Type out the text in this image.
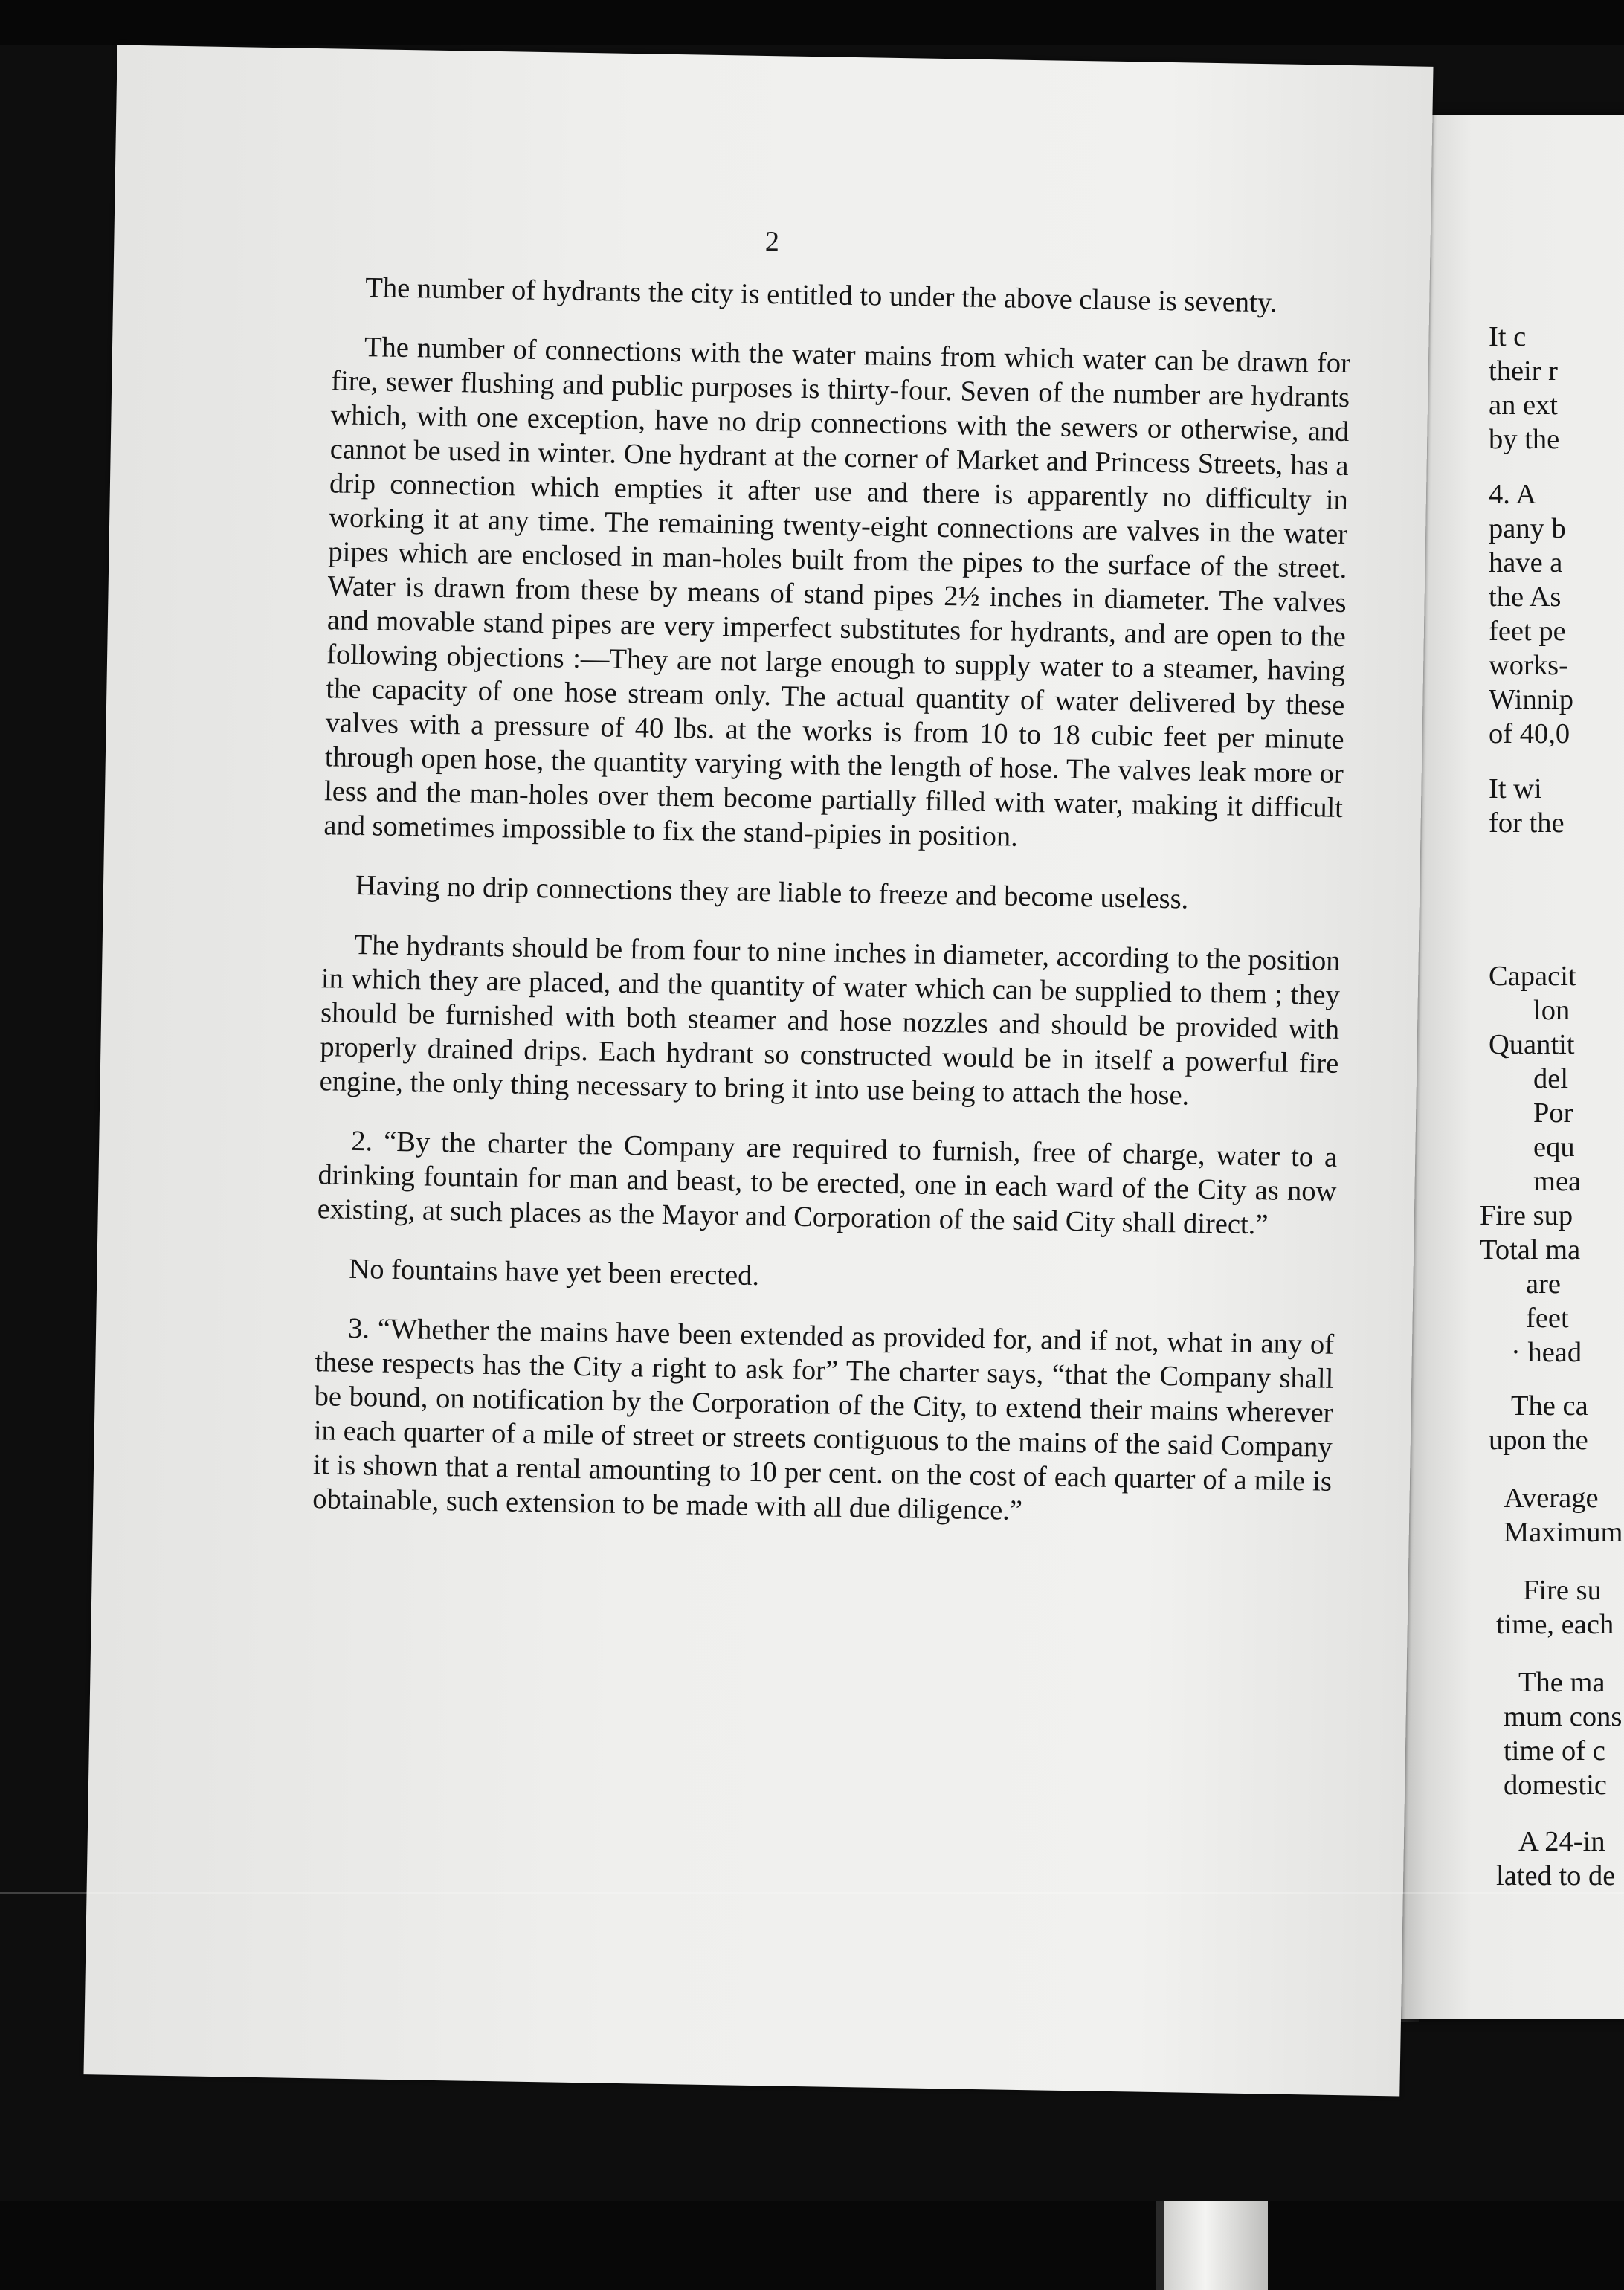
2

The number of hydrants the city is entitled to under the above clause is seventy.

The number of connections with the water mains from which water can be drawn for fire, sewer flushing and public purposes is thirty-four. Seven of the number are hydrants which, with one exception, have no drip connections with the sewers or otherwise, and cannot be used in winter. One hydrant at the corner of Market and Princess Streets, has a drip connection which empties it after use and there is apparently no difficulty in working it at any time. The remaining twenty-eight connections are valves in the water pipes which are enclosed in man-holes built from the pipes to the surface of the street. Water is drawn from these by means of stand pipes 2½ inches in diameter. The valves and movable stand pipes are very imperfect substitutes for hydrants, and are open to the following objections :—They are not large enough to supply water to a steamer, having the capacity of one hose stream only. The actual quantity of water delivered by these valves with a pressure of 40 lbs. at the works is from 10 to 18 cubic feet per minute through open hose, the quantity varying with the length of hose. The valves leak more or less and the man-holes over them become partially filled with water, making it difficult and sometimes impossible to fix the stand-pipies in position.

Having no drip connections they are liable to freeze and become useless.

The hydrants should be from four to nine inches in diameter, according to the position in which they are placed, and the quantity of water which can be supplied to them ; they should be furnished with both steamer and hose nozzles and should be provided with properly drained drips. Each hydrant so constructed would be in itself a powerful fire engine, the only thing necessary to bring it into use being to attach the hose.

2. “By the charter the Company are required to furnish, free of charge, water to a drinking fountain for man and beast, to be erected, one in each ward of the City as now existing, at such places as the Mayor and Corporation of the said City shall direct.”

No fountains have yet been erected.

3. “Whether the mains have been extended as provided for, and if not, what in any of these respects has the City a right to ask for” The charter says, “that the Company shall be bound, on notification by the Corporation of the City, to extend their mains wherever in each quarter of a mile of street or streets contiguous to the mains of the said Company it is shown that a rental amounting to 10 per cent. on the cost of each quarter of a mile is obtainable, such extension to be made with all due diligence.”

It c
their r
an ext
by the
4. A
pany b
have a
the As
feet pe
works-
Winnip
of 40,0
It wi
for the
Capacit
lon
Quantit
del
Por
equ
mea
Fire sup
Total ma
are
feet
· head
The ca
upon the
Average
Maximum
Fire su
time, each
The ma
mum cons
time of c
domestic
A 24-in
lated to de
